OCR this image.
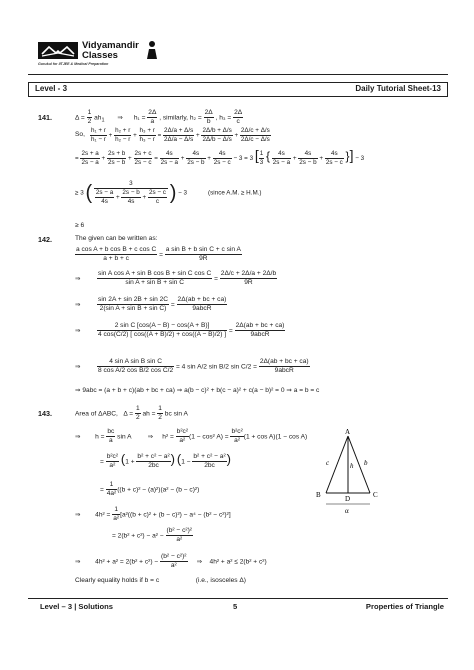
Vidyamandir
Classes
Gurukul for IITJEE & Medical Preparation
Level - 3	Daily Tutorial Sheet-13
141.	$\Delta = \frac{1}{2} ah_1$ ⇒ $h_1 = \frac{2\Delta}{a}$ , similarly, $h_2 = \frac{2\Delta}{b}$ , $h_3 = \frac{2\Delta}{c}$
So, $\frac{\text{h₁ + r}}{\text{h₁ − r}} + \frac{\text{h₂ + r}}{\text{h₂ − r}} + \frac{\text{h₃ + r}}{\text{h₃ − r}} = \frac{2\Delta/a + \Delta/s}{2\Delta/a - \Delta/s} + \frac{2\Delta/b + \Delta/s}{2\Delta/b - \Delta/s} + \frac{2\Delta/c + \Delta/s}{2\Delta/c - \Delta/s}$
= $\frac{2s + a}{2s - a} + \frac{2s + b}{2s - b} + \frac{2s + c}{2s - c} = \frac{4s}{2s - a} + \frac{4s}{2s - b} + \frac{4s}{2s - c} - 3 = 3$ [ $\frac{1}{3}$ { $\frac{4s}{2s - a} + \frac{4s}{2s - b} + \frac{4s}{2s - c}$ }] − 3
≥ 3 ( $\frac{3}{\frac{2s - a}{4s} + \frac{2s - b}{4s} + \frac{2s - c}{c}}$ ) − 3            (since A.M. ≥ H.M.)
≥ 6
142.	The given can be written as:
$\frac{\text{a cos A + b cos B + c cos C}}{a + b + c} = \frac{\text{a sin B + b sin C + c sin A}}{9R}$
⇒ $\frac{\text{sin A cos A + sin B cos B + sin C cos C}}{\text{sin A + sin B + sin C}} = \frac{2\Delta/c + 2\Delta/a + 2\Delta/b}{9R}$
⇒ $\frac{\sin 2A + \sin 2B + \sin 2C}{\text{2(sin A + sin B + sin C)}} = \frac{2\Delta(ab + bc + ca)}{\text{9abcR}}$
⇒ $\frac{\text{2 sin C [cos(A − B) − cos(A + B)]}}{4 \cos(C/2) [ \cos((A + B)/2) + \cos((A - B)/2) ]} = \frac{2\Delta(ab + bc + ca)}{\text{9abcR}}$
⇒ $\frac{\text{4 sin A sin B sin C}}{\text{8 cos A/2 cos B/2 cos C/2}} = 4$ sin A/2 sin B/2 $\sin C/2 = \frac{2\Delta(ab + bc + ca)}{\text{9abcR}}$
⇒ 9abc = (a + b + c)(ab + bc + ca) ⇒ a(b − c)² + b(c − a)² + c(a − b)² = 0 ⇒ a = b = c
143.	Area of ΔABC,   $\Delta = \frac{1}{2}$ ah = $\frac{1}{2}$ bc sin A
⇒        $h = \frac{bc}{a}$ sin A         ⇒     $h^2 = \frac{\text{b²c²}}{\text{a²}} (1 - \cos^2$ $A) = \frac{\text{b²c²}}{\text{a²}} (1 + \cos A)(1 - \cos A)$
= $\frac{\text{b²c²}}{\text{a²}} (1 + \frac{\text{b² + c² − a²}}{2bc}$ ) ($1 - \frac{\text{b² + c² − a²}}{2bc}$ )
= $\frac{1}{\text{4a²}} ((b + c)^2 - (a)^2)(a^2 - (b - c)^2)$
⇒        $4h^2 = \frac{1}{\text{a²}} [a^2((b + c)^2 + (b - c)^2) - a^4 - (b^2 - c^2)^2]$
= $2(b^2 + c^2) - a^2 - \frac{\text{(b² − c²)²}}{\text{a²}}$
⇒        $4h^2 + a^2 = 2(b^2 + c^2) - \frac{\text{(b² − c²)²}}{\text{a²}}$ ⇒    4h² + a² ≤ 2(b² + c²)
Clearly equality holds if b = c	(i.e., isosceles Δ)
A
B	C
D
c	b
h
α
Level – 3 | Solutions	5	Properties of Triangle
